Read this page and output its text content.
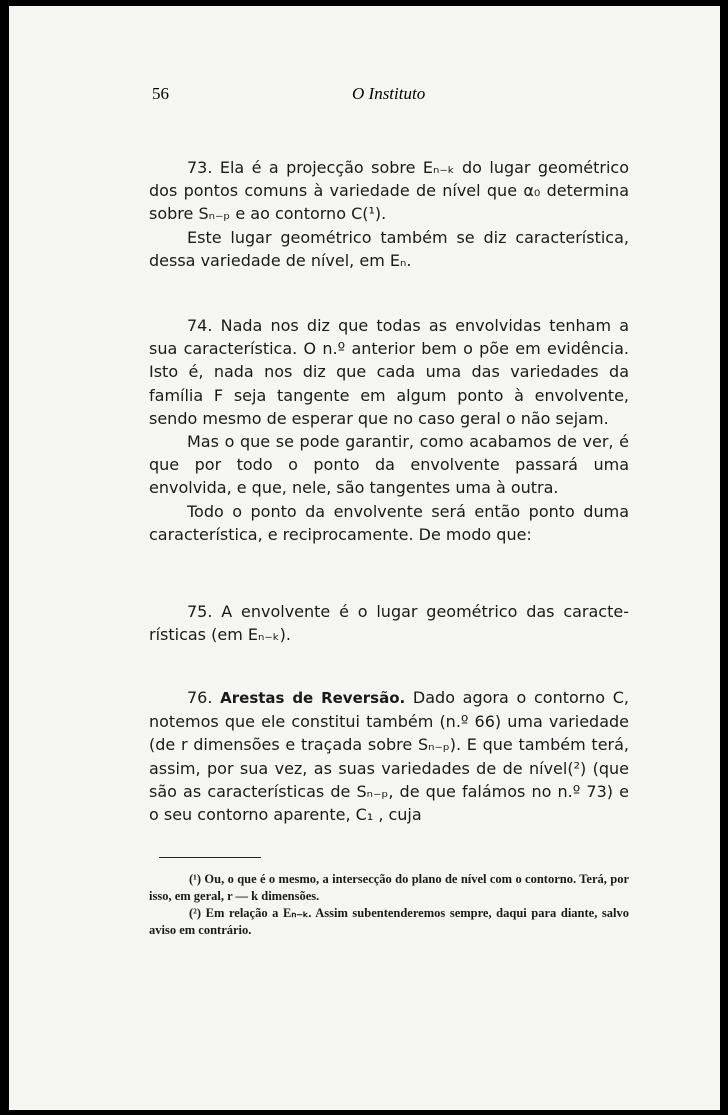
56	O Instituto

73. Ela é a projecção sobre Eₙ₋ₖ do lugar geométrico dos pontos comuns à variedade de nível que α₀ determina sobre Sₙ₋ₚ e ao contorno C(¹).

Este lugar geométrico também se diz característica, dessa variedade de nível, em Eₙ.

74. Nada nos diz que todas as envolvidas tenham a sua característica. O n.º anterior bem o põe em evidência. Isto é, nada nos diz que cada uma das variedades da família F seja tangente em algum ponto à envolvente, sendo mesmo de esperar que no caso geral o não sejam.

Mas o que se pode garantir, como acabamos de ver, é que por todo o ponto da envolvente passará uma envolvida, e que, nele, são tangentes uma à outra.

Todo o ponto da envolvente será então ponto duma característica, e reciprocamente. De modo que:

75. A envolvente é o lugar geométrico das características (em Eₙ₋ₖ).

76. Arestas de Reversão. Dado agora o contorno C, notemos que ele constitui também (n.º 66) uma variedade (de r dimensões e traçada sobre Sₙ₋ₚ). E que também terá, assim, por sua vez, as suas variedades de de nível(²) (que são as características de Sₙ₋ₚ, de que falámos no n.º 73) e o seu contorno aparente, C₁ , cuja

(¹) Ou, o que é o mesmo, a intersecção do plano de nível com o contorno. Terá, por isso, em geral, r — k dimensões.

(²) Em relação a Eₙ₋ₖ. Assim subentenderemos sempre, daqui para diante, salvo aviso em contrário.
